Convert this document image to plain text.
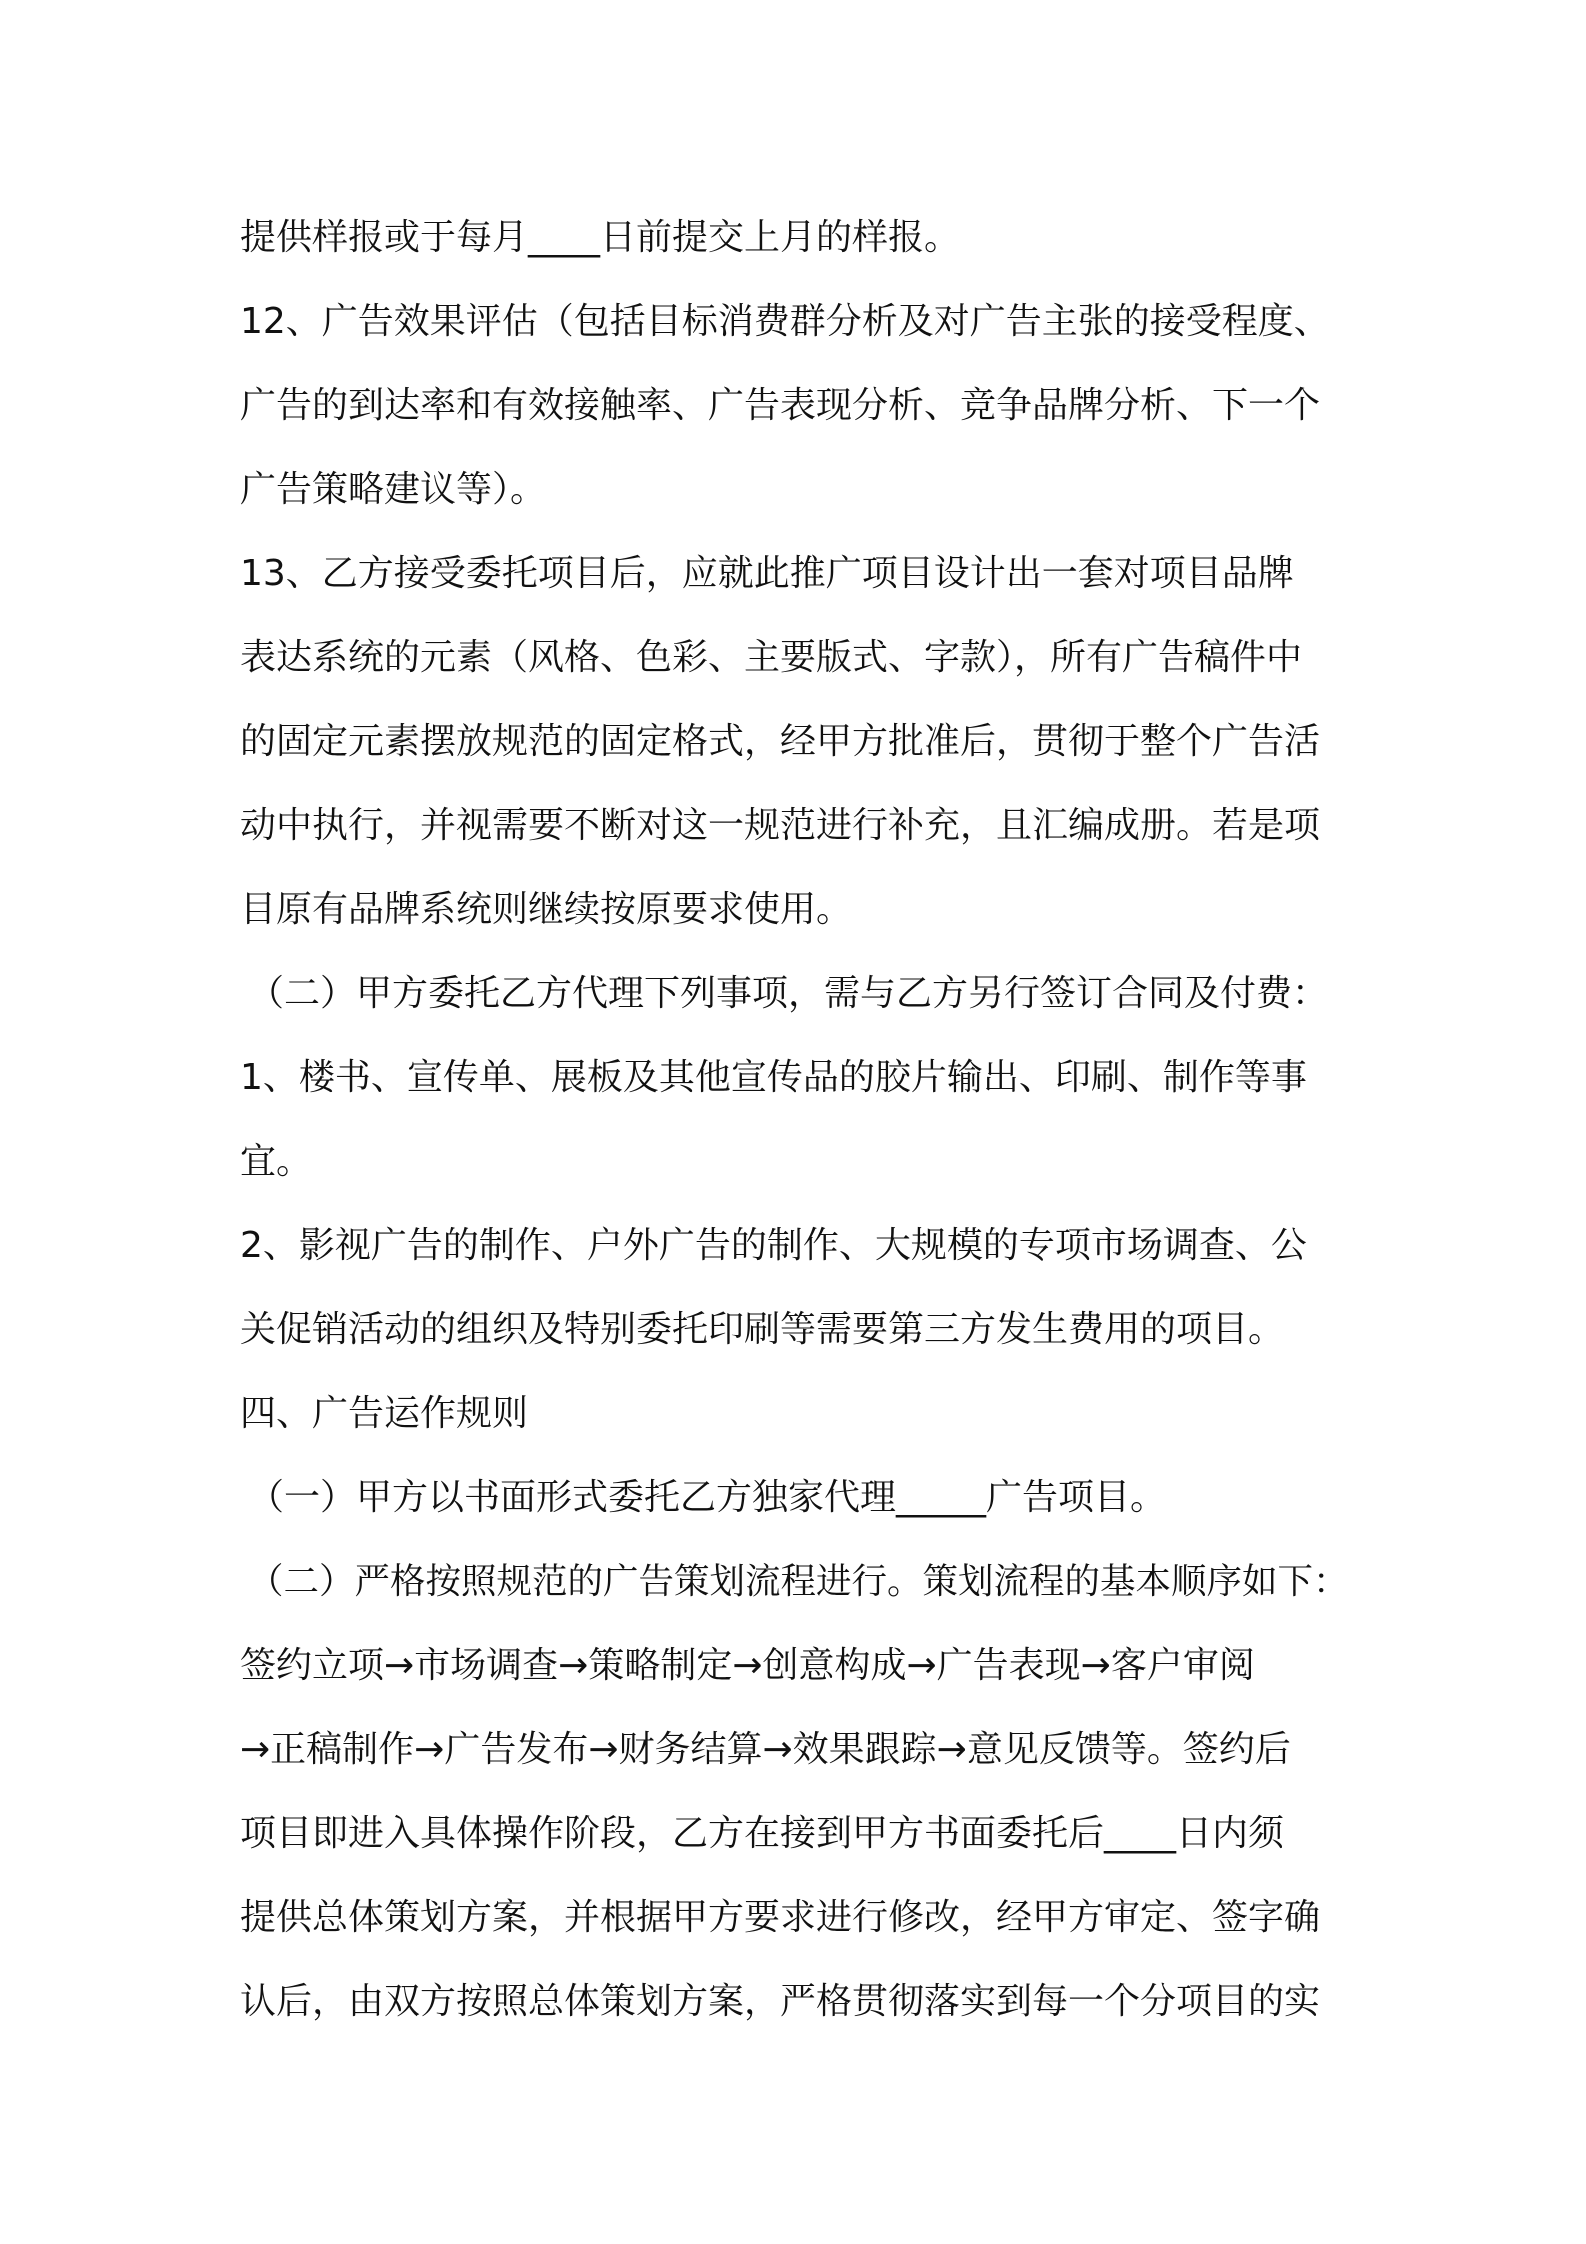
提供样报或于每月____日前提交上月的样报。
12、广告效果评估（包括目标消费群分析及对广告主张的接受程度、
广告的到达率和有效接触率、广告表现分析、竞争品牌分析、下一个
广告策略建议等）。
13、乙方接受委托项目后，应就此推广项目设计出一套对项目品牌
表达系统的元素（风格、色彩、主要版式、字款），所有广告稿件中
的固定元素摆放规范的固定格式，经甲方批准后，贯彻于整个广告活
动中执行，并视需要不断对这一规范进行补充，且汇编成册。若是项
目原有品牌系统则继续按原要求使用。
（二）甲方委托乙方代理下列事项，需与乙方另行签订合同及付费：
1、楼书、宣传单、展板及其他宣传品的胶片输出、印刷、制作等事
宜。
2、影视广告的制作、户外广告的制作、大规模的专项市场调查、公
关促销活动的组织及特别委托印刷等需要第三方发生费用的项目。
四、广告运作规则
（一）甲方以书面形式委托乙方独家代理_____广告项目。
（二）严格按照规范的广告策划流程进行。策划流程的基本顺序如下：
签约立项→市场调查→策略制定→创意构成→广告表现→客户审阅
→正稿制作→广告发布→财务结算→效果跟踪→意见反馈等。签约后
项目即进入具体操作阶段，乙方在接到甲方书面委托后____日内须
提供总体策划方案，并根据甲方要求进行修改，经甲方审定、签字确
认后，由双方按照总体策划方案，严格贯彻落实到每一个分项目的实
